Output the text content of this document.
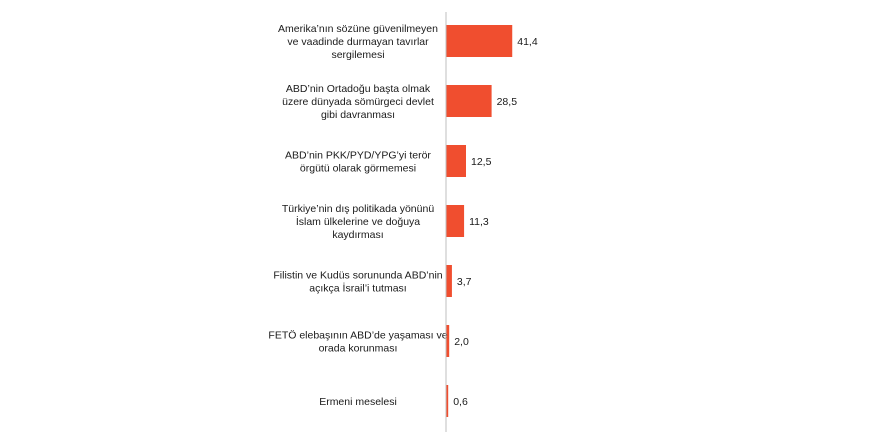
Amerika’nın sözüne güvenilmeyen ve vaadinde durmayan tavırlar sergilemesi
ABD’nin Ortadoğu başta olmak üzere dünyada sömürgeci devlet gibi davranması
ABD’nin PKK/PYD/YPG’yi terör örgütü olarak görmemesi
Türkiye’nin dış politikada yönünü İslam ülkelerine ve doğuya kaydırması
Filistin ve Kudüs sorununda ABD’nin açıkça İsrail’i tutması
FETÖ elebaşının ABD’de yaşaması ve orada korunması
Ermeni meselesi
41,4
28,5
12,5
11,3
3,7
2,0
0,6
